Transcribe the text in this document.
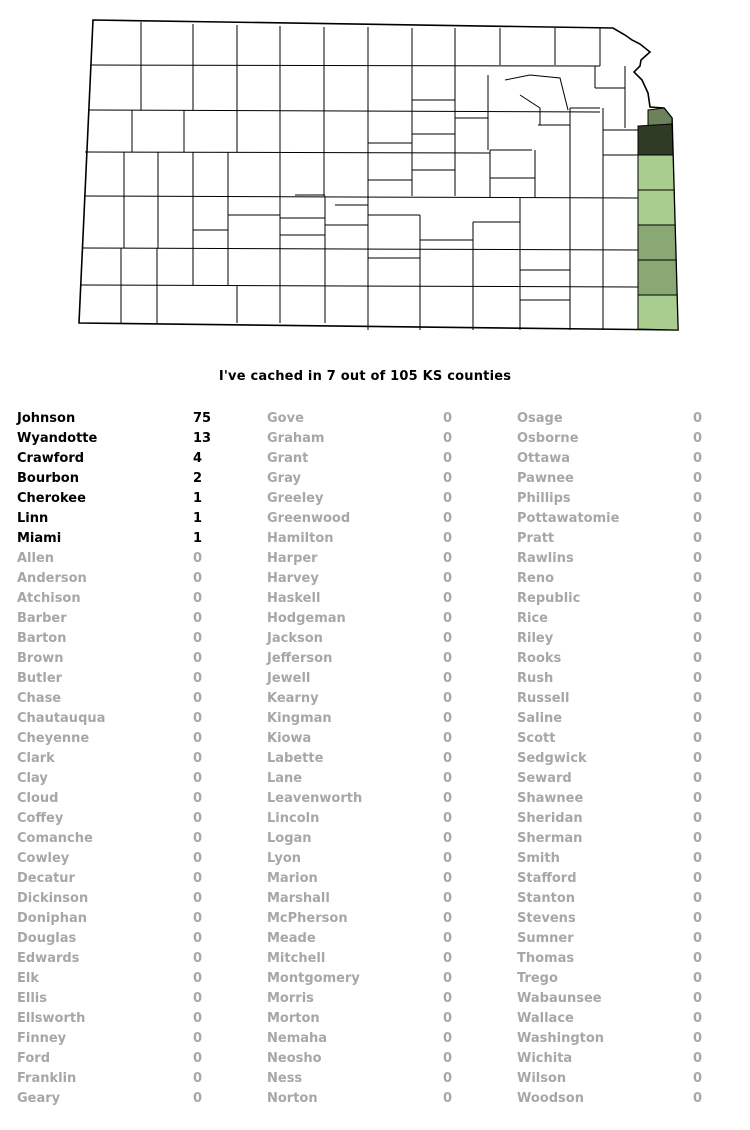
I've cached in 7 out of 105 KS counties
Johnson	75
Wyandotte	13
Crawford	4
Bourbon	2
Cherokee	1
Linn	1
Miami	1
Allen	0
Anderson	0
Atchison	0
Barber	0
Barton	0
Brown	0
Butler	0
Chase	0
Chautauqua	0
Cheyenne	0
Clark	0
Clay	0
Cloud	0
Coffey	0
Comanche	0
Cowley	0
Decatur	0
Dickinson	0
Doniphan	0
Douglas	0
Edwards	0
Elk	0
Ellis	0
Ellsworth	0
Finney	0
Ford	0
Franklin	0
Geary	0
Gove	0
Graham	0
Grant	0
Gray	0
Greeley	0
Greenwood	0
Hamilton	0
Harper	0
Harvey	0
Haskell	0
Hodgeman	0
Jackson	0
Jefferson	0
Jewell	0
Kearny	0
Kingman	0
Kiowa	0
Labette	0
Lane	0
Leavenworth	0
Lincoln	0
Logan	0
Lyon	0
Marion	0
Marshall	0
McPherson	0
Meade	0
Mitchell	0
Montgomery	0
Morris	0
Morton	0
Nemaha	0
Neosho	0
Ness	0
Norton	0
Osage	0
Osborne	0
Ottawa	0
Pawnee	0
Phillips	0
Pottawatomie	0
Pratt	0
Rawlins	0
Reno	0
Republic	0
Rice	0
Riley	0
Rooks	0
Rush	0
Russell	0
Saline	0
Scott	0
Sedgwick	0
Seward	0
Shawnee	0
Sheridan	0
Sherman	0
Smith	0
Stafford	0
Stanton	0
Stevens	0
Sumner	0
Thomas	0
Trego	0
Wabaunsee	0
Wallace	0
Washington	0
Wichita	0
Wilson	0
Woodson	0
